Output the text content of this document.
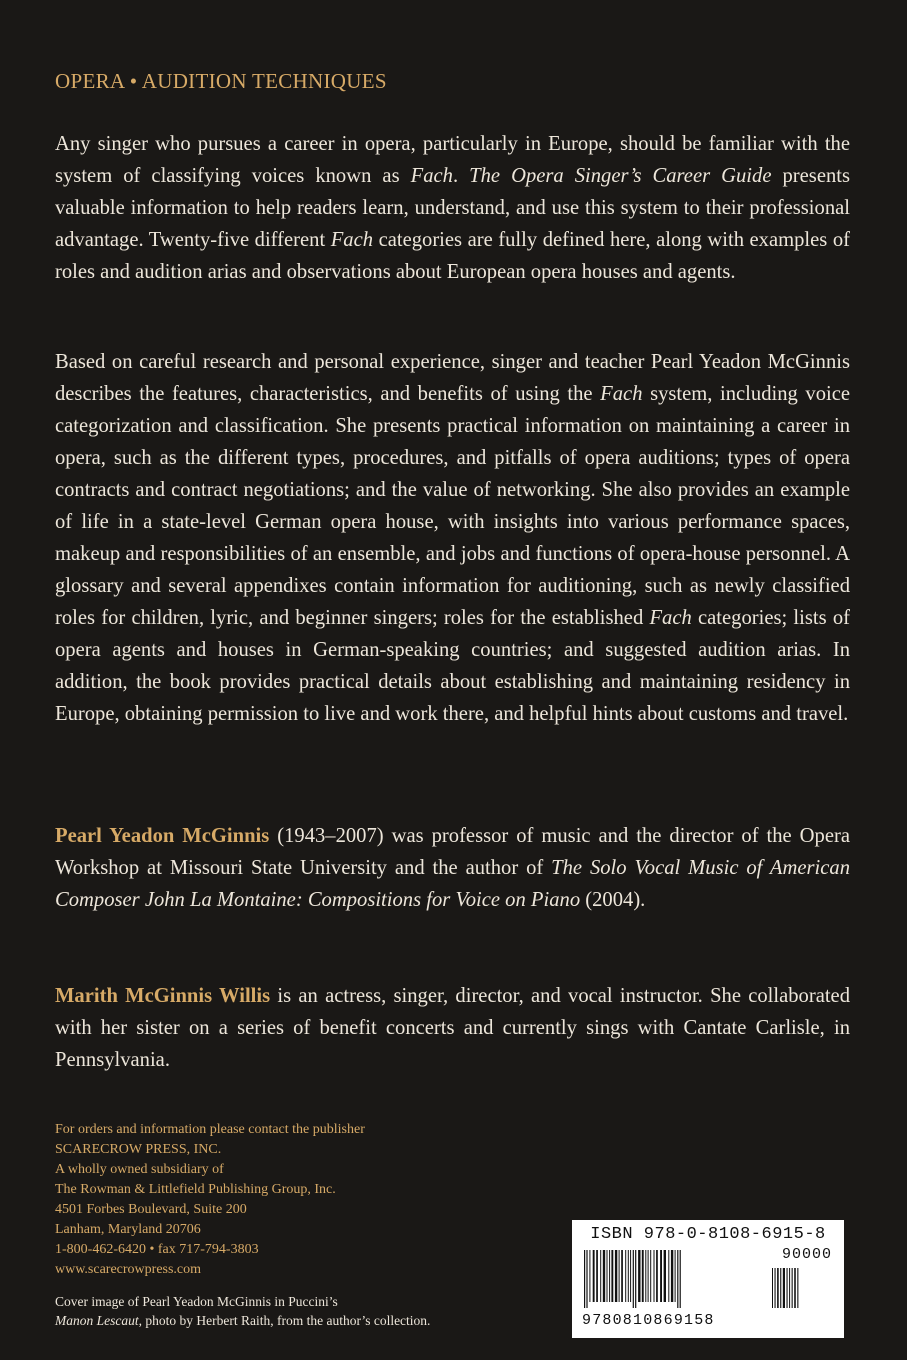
OPERA • AUDITION TECHNIQUES

Any singer who pursues a career in opera, particularly in Europe, should be familiar with the system of classifying voices known as Fach. The Opera Singer’s Career Guide presents valuable information to help readers learn, understand, and use this system to their professional advantage. Twenty-five different Fach categories are fully defined here, along with examples of roles and audition arias and observations about European opera houses and agents.

Based on careful research and personal experience, singer and teacher Pearl Yeadon McGinnis describes the features, characteristics, and benefits of using the Fach system, including voice categorization and classification. She presents practical information on maintaining a career in opera, such as the different types, procedures, and pitfalls of opera auditions; types of opera contracts and contract negotiations; and the value of networking. She also provides an example of life in a state-level German opera house, with insights into various performance spaces, makeup and responsibilities of an ensemble, and jobs and functions of opera-house personnel. A glossary and several appendixes contain information for auditioning, such as newly classified roles for children, lyric, and beginner singers; roles for the established Fach categories; lists of opera agents and houses in German-speaking countries; and suggested audition arias. In addition, the book provides practical details about establishing and maintaining residency in Europe, obtaining permission to live and work there, and helpful hints about customs and travel.

Pearl Yeadon McGinnis (1943–2007) was professor of music and the director of the Opera Workshop at Missouri State University and the author of The Solo Vocal Music of American Composer John La Montaine: Compositions for Voice on Piano (2004).

Marith McGinnis Willis is an actress, singer, director, and vocal instructor. She collaborated with her sister on a series of benefit concerts and currently sings with Cantate Carlisle, in Pennsylvania.

For orders and information please contact the publisher
SCARECROW PRESS, INC.
A wholly owned subsidiary of
The Rowman & Littlefield Publishing Group, Inc.
4501 Forbes Boulevard, Suite 200
Lanham, Maryland 20706
1-800-462-6420 • fax 717-794-3803
www.scarecrowpress.com
Cover image of Pearl Yeadon McGinnis in Puccini’s
Manon Lescaut, photo by Herbert Raith, from the author’s collection.
ISBN 978-0-8108-6915-8
90000
9780810869158
